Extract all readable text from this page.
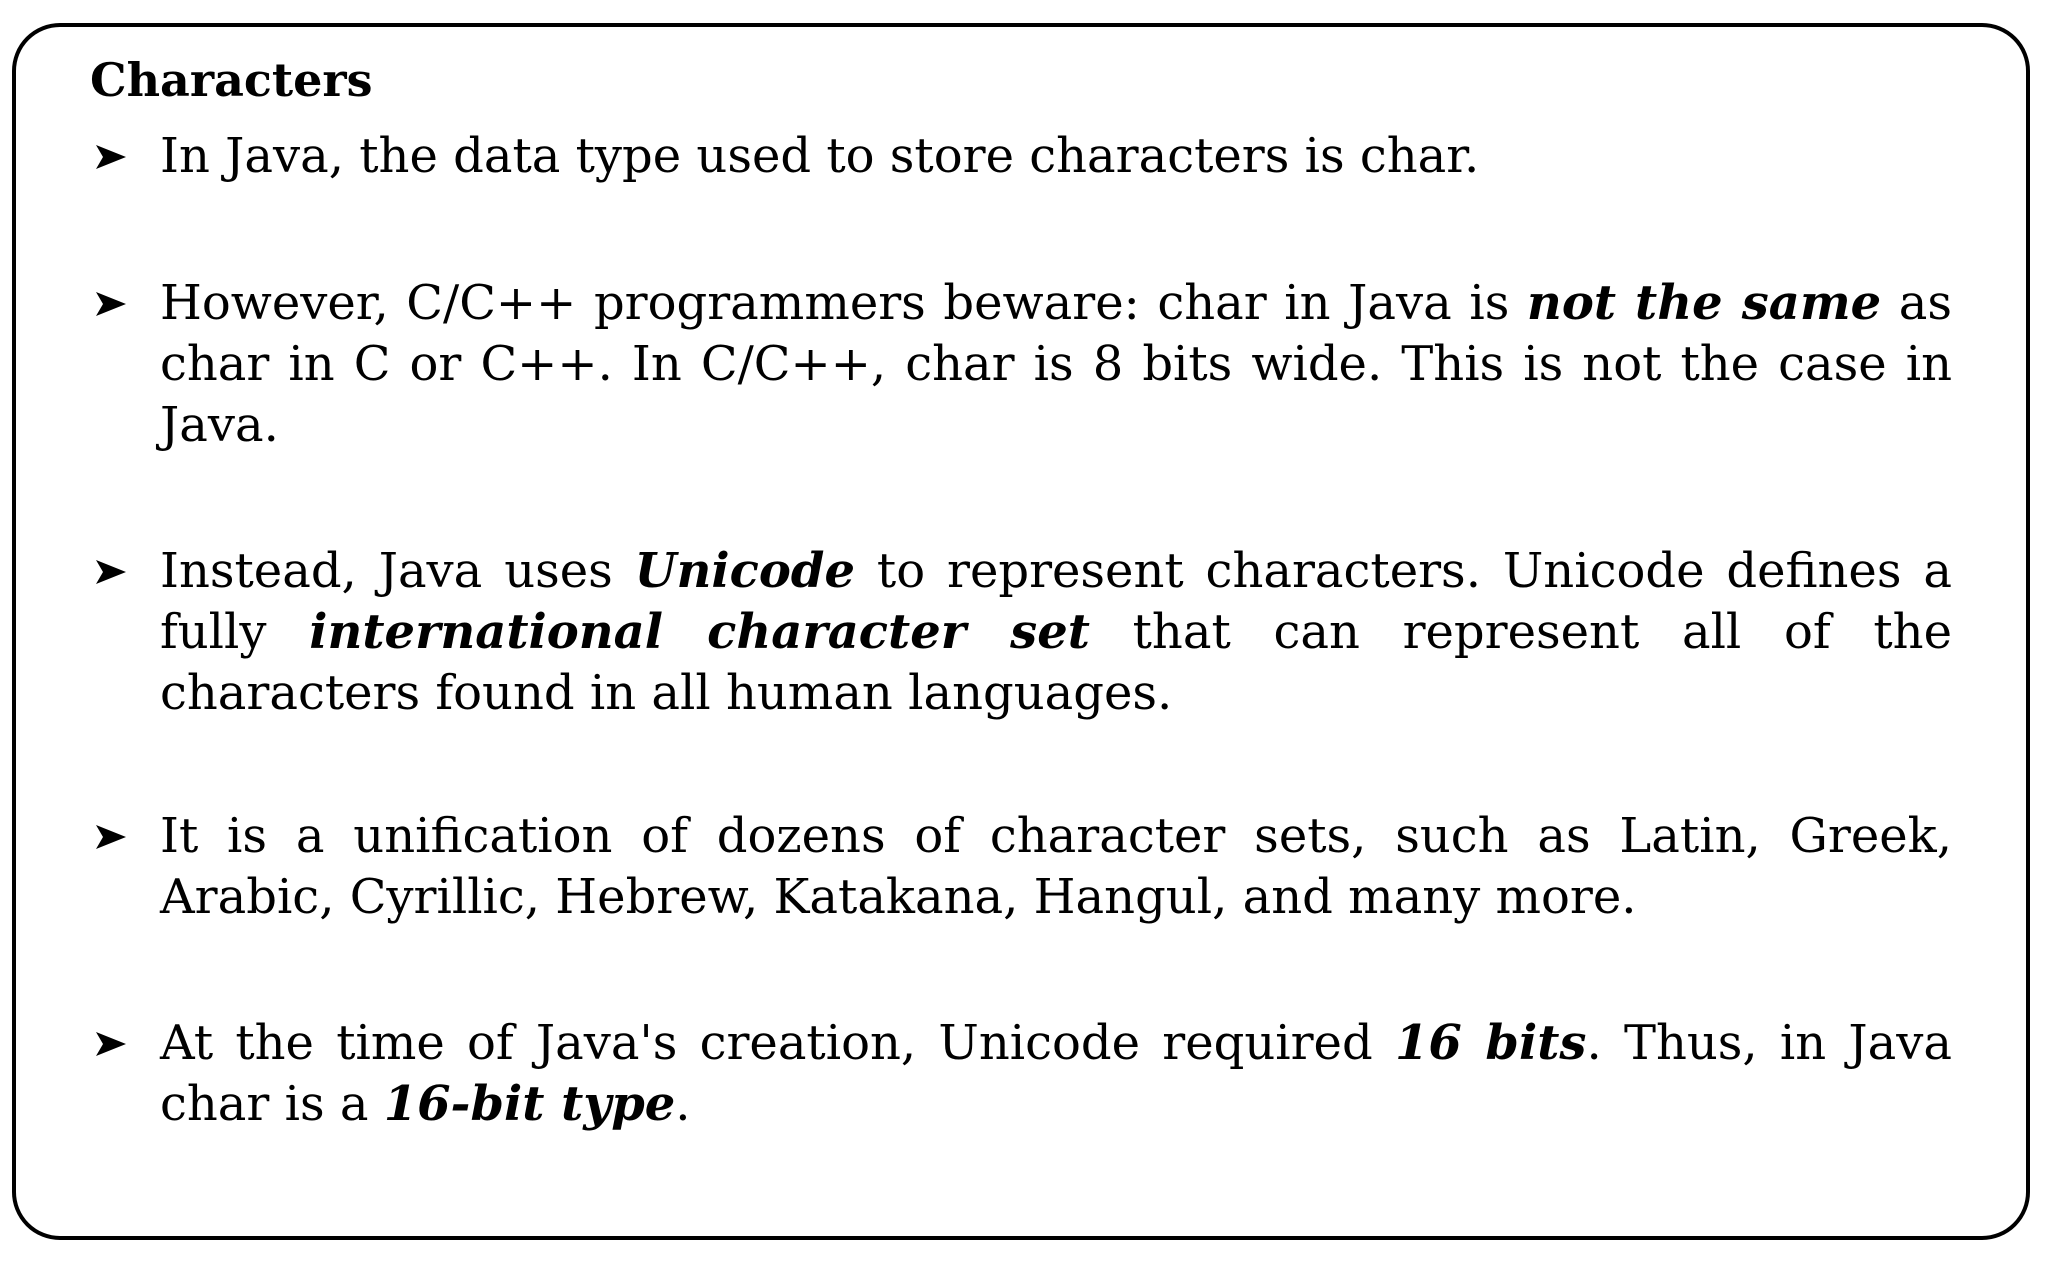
Characters

In Java, the data type used to store characters is char.

However, C/C++ programmers beware: char in Java is not the same as char in C or C++. In C/C++, char is 8 bits wide. This is not the case in Java.

Instead, Java uses Unicode to represent characters. Unicode defines a fully international character set that can represent all of the characters found in all human languages.

It is a unification of dozens of character sets, such as Latin, Greek, Arabic, Cyrillic, Hebrew, Katakana, Hangul, and many more.

At the time of Java's creation, Unicode required 16 bits. Thus, in Java char is a 16-bit type.
